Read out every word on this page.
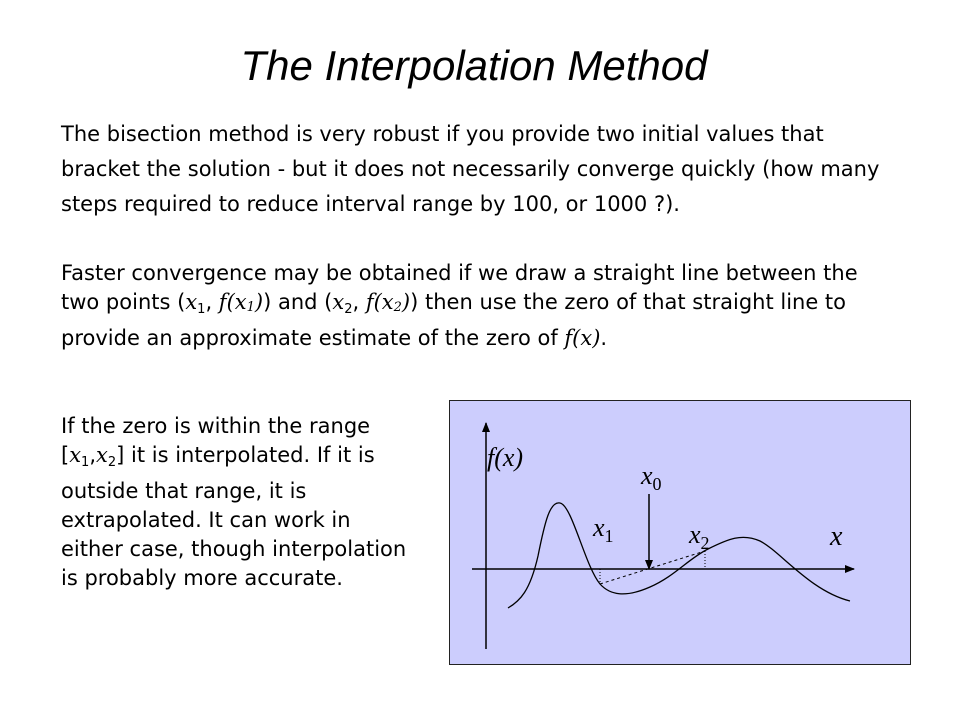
The Interpolation Method

The bisection method is very robust if you provide two initial values that bracket the solution - but it does not necessarily converge quickly (how many steps required to reduce interval range by 100, or 1000 ?).

Faster convergence may be obtained if we draw a straight line between the two points (x1, f(x1)) and (x2, f(x2)) then use the zero of that straight line to provide an approximate estimate of the zero of f(x).

If the zero is within the range [x1,x2] it is interpolated. If it is outside that range, it is extrapolated. It can work in either case, though interpolation is probably more accurate.

f(x)
x
$x_0$
$x_1$	$x_2$
